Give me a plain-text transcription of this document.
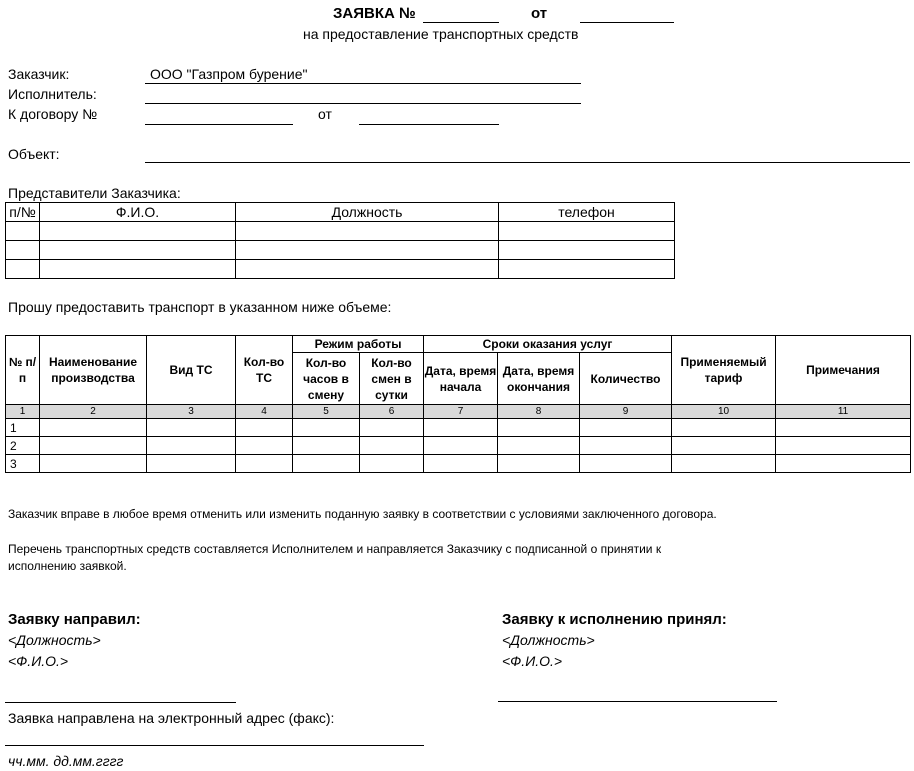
ЗАЯВКА №	от
на предоставление транспортных средств
Заказчик:	ООО "Газпром бурение"
Исполнитель:
К договору №	от
Объект:
Представители Заказчика:
п/№	Ф.И.О.	Должность	телефон

Прошу предоставить транспорт в указанном ниже объеме:
№ п/п	Наименование производства	Вид ТС	Кол-во ТС	Режим работы		Сроки оказания услуг			Применяемый тариф	Примечания
				Кол-во часов в смену	Кол-во смен в сутки	Дата, время начала	Дата, время окончания	Количество		
1	2	3	4	5	6	7	8	9	10	11
1										
2										
3										
Заказчик вправе в любое время отменить или изменить поданную заявку в соответствии с условиями заключенного договора.
Перечень транспортных средств составляется Исполнителем и направляется Заказчику с подписанной о принятии к
исполнению заявкой.
Заявку направил:
<Должность>
<Ф.И.О.>
Заявку к исполнению принял:
<Должность>
<Ф.И.О.>
Заявка направлена на электронный адрес (факс):
чч.мм. дд.мм.гггг
